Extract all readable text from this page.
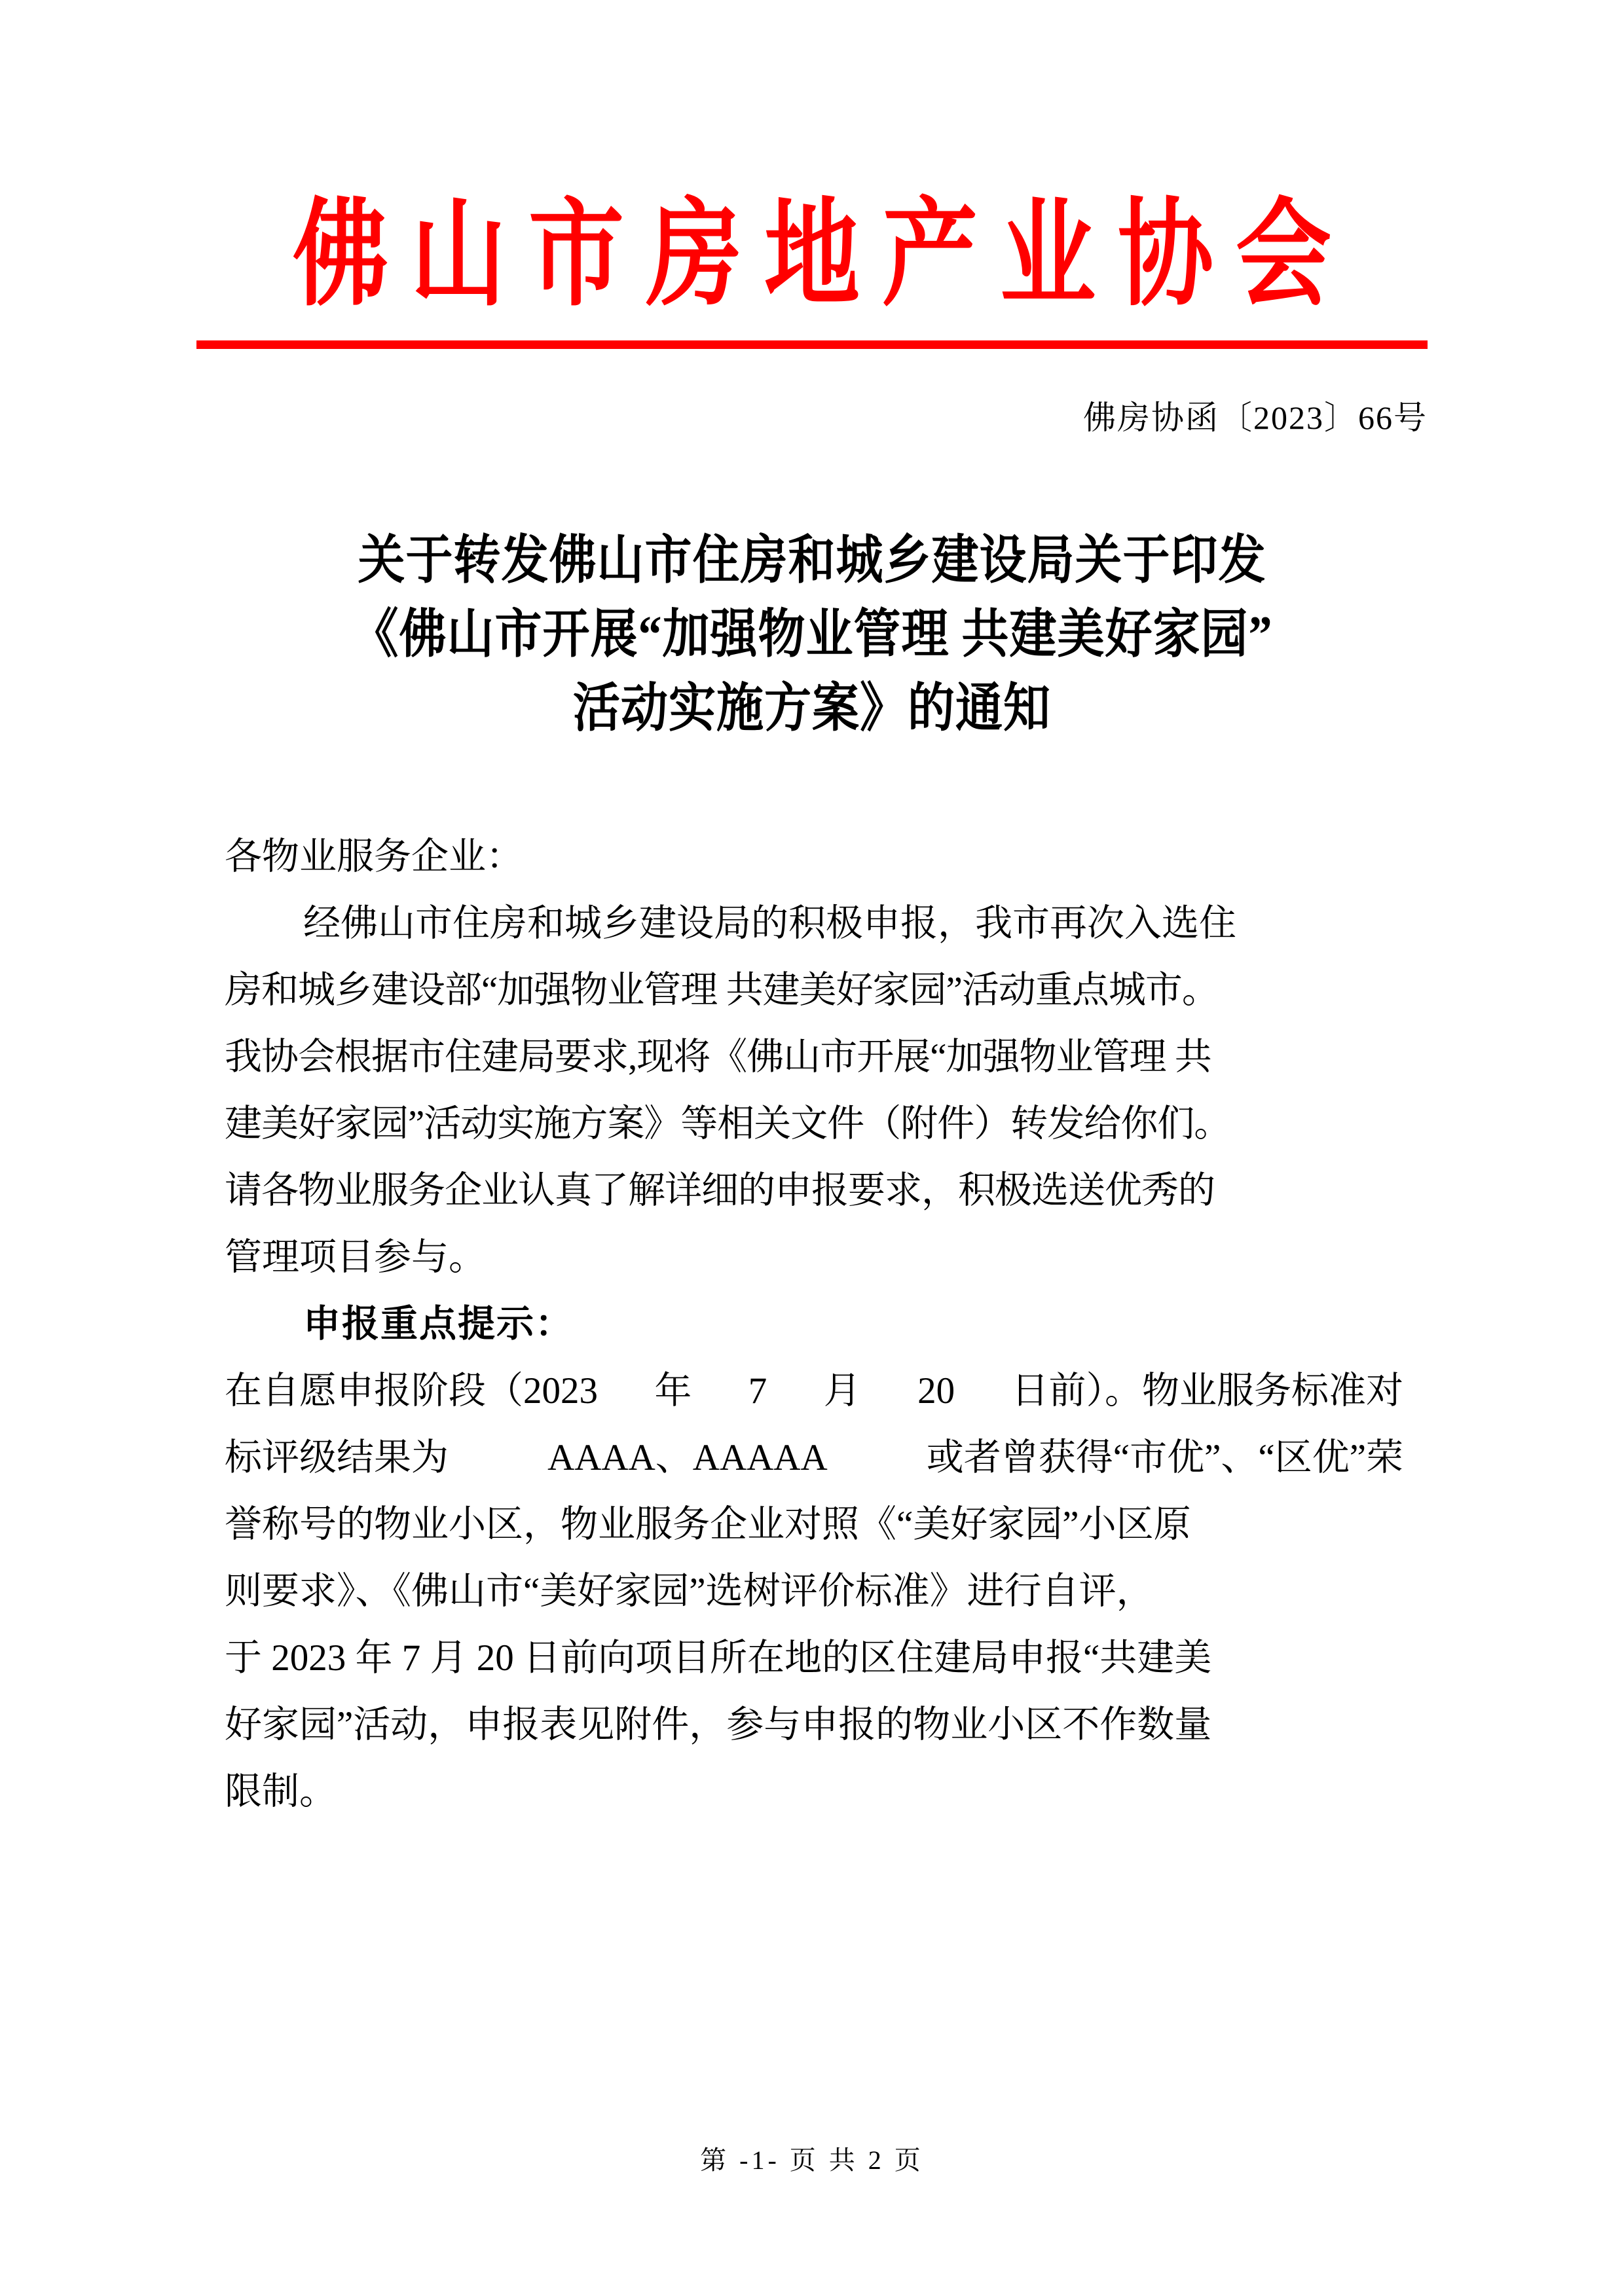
佛山市房地产业协会
佛房协函〔2023〕66号
关于转发佛山市住房和城乡建设局关于印发
《佛山市开展“加强物业管理 共建美好家园”
活动实施方案》的通知
各物业服务企业：
经佛山市住房和城乡建设局的积极申报，我市再次入选住
房和城乡建设部“加强物业管理 共建美好家园”活动重点城市。
我协会根据市住建局要求,现将《佛山市开展“加强物业管理 共
建美好家园”活动实施方案》等相关文件（附件）转发给你们。
请各物业服务企业认真了解详细的申报要求，积极选送优秀的
管理项目参与。
申报重点提示：
在自愿申报阶段（2023 年 7 月 20 日前）。物业服务标准对
标评级结果为	AAAA、AAAAA	或者曾获得“市优”、“区优”荣
誉称号的物业小区，物业服务企业对照《“美好家园”小区原
则要求》、《佛山市“美好家园”选树评价标准》进行自评，
于 2023 年 7 月 20 日前向项目所在地的区住建局申报“共建美
好家园”活动，申报表见附件，参与申报的物业小区不作数量
限制。
第 -1- 页 共 2 页
